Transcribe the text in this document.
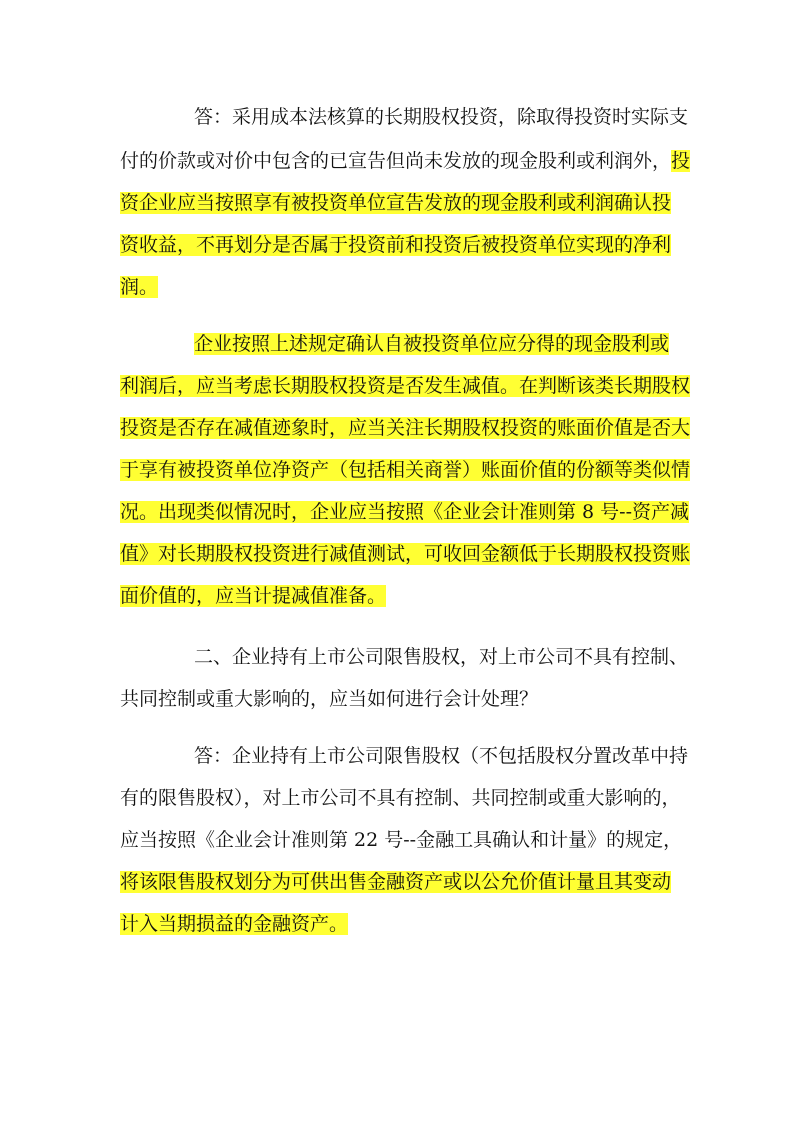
答：采用成本法核算的长期股权投资，除取得投资时实际支
付的价款或对价中包含的已宣告但尚未发放的现金股利或利润外，投
资企业应当按照享有被投资单位宣告发放的现金股利或利润确认投
资收益，不再划分是否属于投资前和投资后被投资单位实现的净利
润。
企业按照上述规定确认自被投资单位应分得的现金股利或
利润后，应当考虑长期股权投资是否发生减值。在判断该类长期股权
投资是否存在减值迹象时，应当关注长期股权投资的账面价值是否大
于享有被投资单位净资产（包括相关商誉）账面价值的份额等类似情
况。出现类似情况时，企业应当按照《企业会计准则第 8 号--资产减
值》对长期股权投资进行减值测试，可收回金额低于长期股权投资账
面价值的，应当计提减值准备。
二、企业持有上市公司限售股权，对上市公司不具有控制、
共同控制或重大影响的，应当如何进行会计处理？
答：企业持有上市公司限售股权（不包括股权分置改革中持
有的限售股权），对上市公司不具有控制、共同控制或重大影响的，
应当按照《企业会计准则第 22 号--金融工具确认和计量》的规定，
将该限售股权划分为可供出售金融资产或以公允价值计量且其变动
计入当期损益的金融资产。
